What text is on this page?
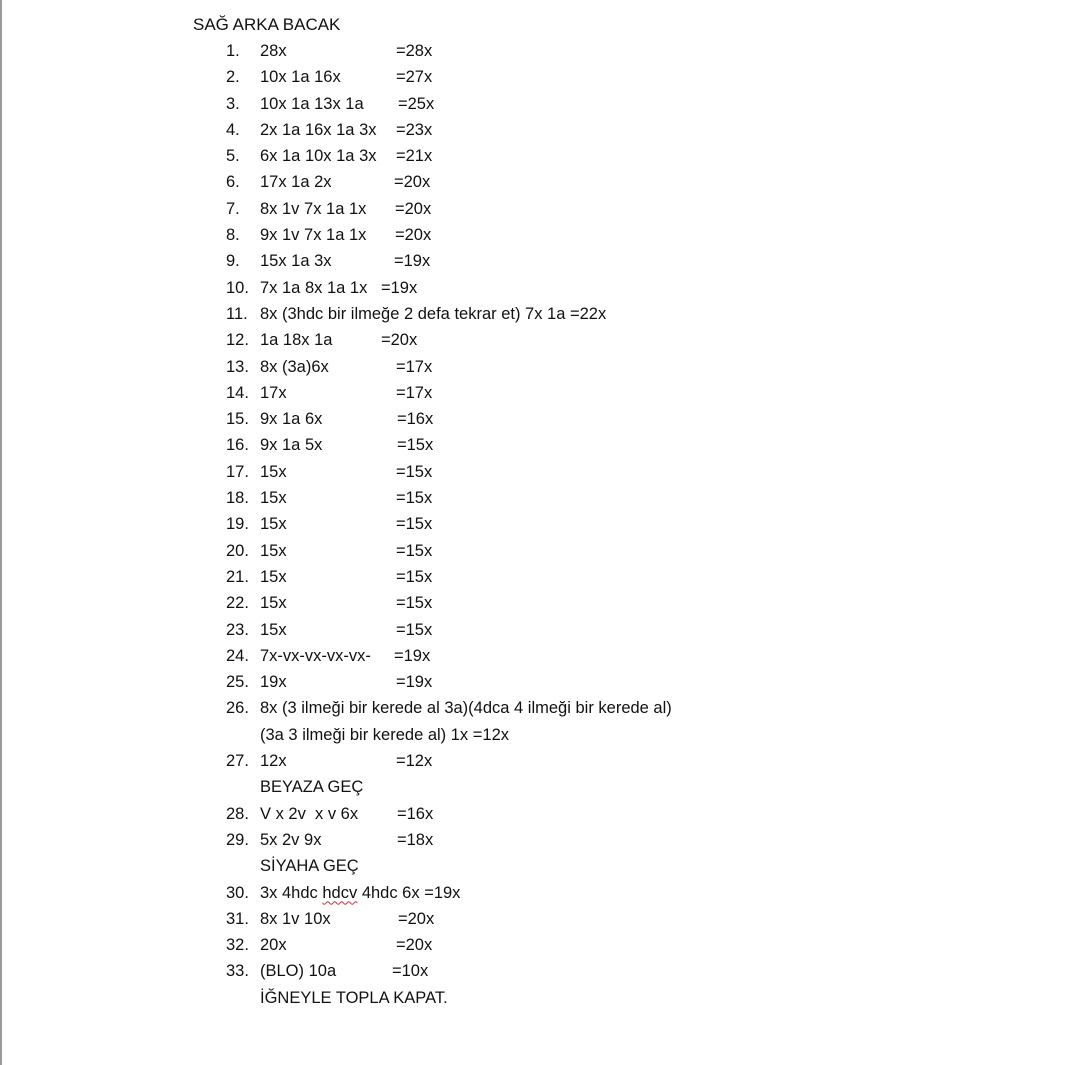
SAĞ ARKA BACAK
1.	28x	=28x
2.	10x 1a 16x	=27x
3.	10x 1a 13x 1a =25x
4.	2x 1a 16x 1a 3x =23x
5.	6x 1a 10x 1a 3x =21x
6.	17x 1a 2x	=20x
7.	8x 1v 7x 1a 1x =20x
8.	9x 1v 7x 1a 1x =20x
9.	15x 1a 3x	=19x
10. 7x 1a 8x 1a 1x =19x
11. 8x (3hdc bir ilmeğe 2 defa tekrar et) 7x 1a =22x
12. 1a 18x 1a	=20x
13. 8x (3a)6x	=17x
14. 17x	=17x
15. 9x 1a 6x	=16x
16. 9x 1a 5x	=15x
17. 15x	=15x
18. 15x	=15x
19. 15x	=15x
20. 15x	=15x
21. 15x	=15x
22. 15x	=15x
23. 15x	=15x
24. 7x-vx-vx-vx-vx- =19x
25. 19x	=19x
26. 8x (3 ilmeği bir kerede al 3a)(4dca 4 ilmeği bir kerede al)
(3a 3 ilmeği bir kerede al) 1x =12x
27. 12x	=12x
BEYAZA GEÇ
28. V x 2v  x v 6x =16x
29. 5x 2v 9x	=18x
SİYAHA GEÇ
30. 3x 4hdc hdcv 4hdc 6x =19x
31. 8x 1v 10x	=20x
32. 20x	=20x
33. (BLO) 10a	=10x
İĞNEYLE TOPLA KAPAT.
